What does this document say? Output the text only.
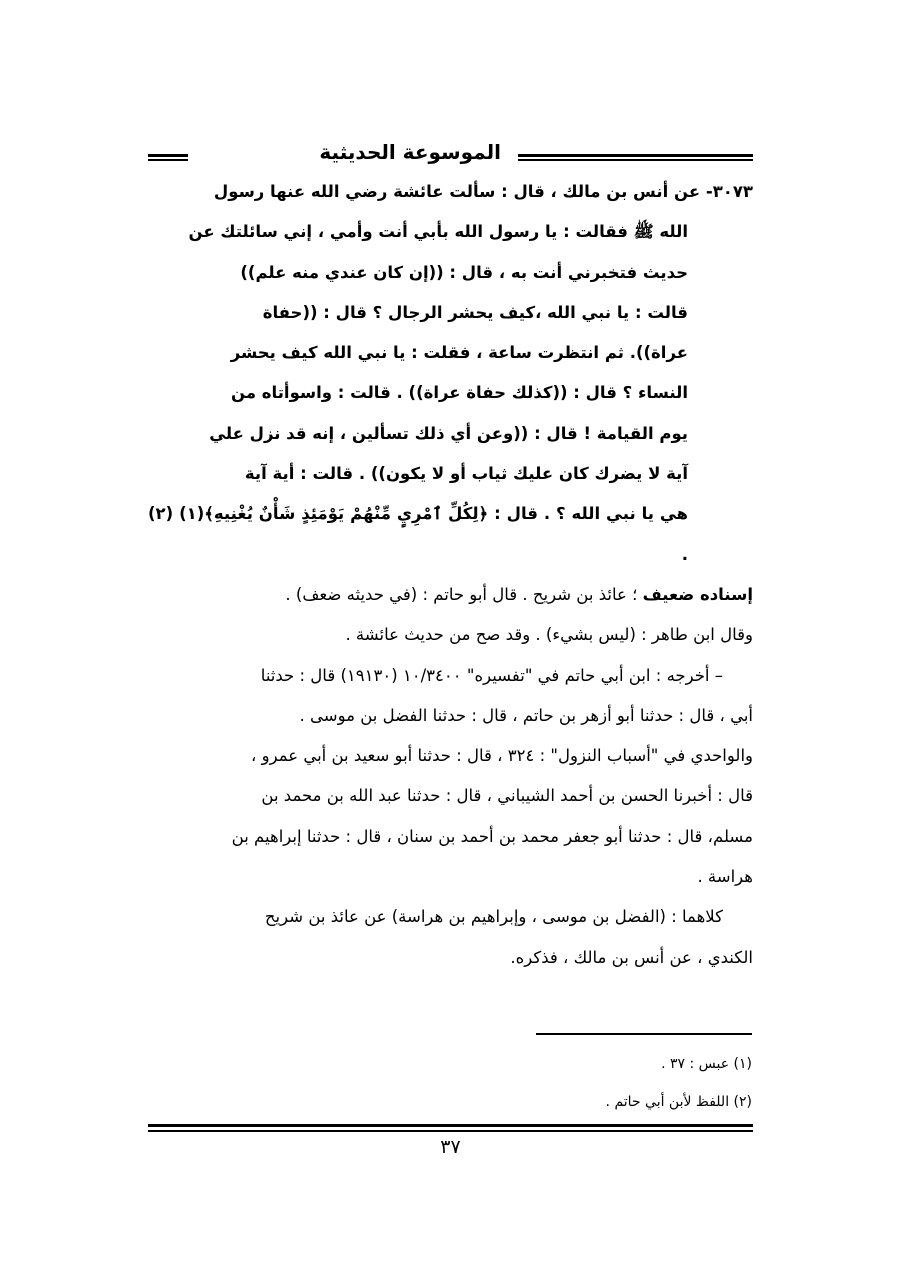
الموسوعة الحديثية

٣٠٧٣- عن أنس بن مالك ، قال : سألت عائشة رضي الله عنها رسول

الله ﷺ فقالت : يا رسول الله بأبي أنت وأمي ، إني سائلتك عن

حديث فتخبرني أنت به ، قال : ((إن كان عندي منه علم))

قالت : يا نبي الله ،كيف يحشر الرجال ؟ قال : ((حفاة

عراة)). ثم انتظرت ساعة ، فقلت : يا نبي الله كيف يحشر

النساء ؟ قال : ((كذلك حفاة عراة)) . قالت : واسوأتاه من

يوم القيامة ! قال : ((وعن أي ذلك تسألين ، إنه قد نزل علي

آية لا يضرك كان عليك ثياب أو لا يكون)) . قالت : أية آية

هي يا نبي الله ؟ . قال : ﴿لِكُلِّ ٱمْرِيٍٕ مِّنْهُمْ يَوْمَئِذٍ شَأْنٌ يُغْنِيهِ﴾(١) (٢) .

إسناده ضعيف ؛ عائذ بن شريح . قال أبو حاتم : (في حديثه ضعف) .

وقال ابن طاهر : (ليس بشيء) . وقد صح من حديث عائشة .

– أخرجه : ابن أبي حاتم في "تفسيره" ١٠/٣٤٠٠ (١٩١٣٠) قال : حدثنا

أبي ، قال : حدثنا أبو أزهر بن حاتم ، قال : حدثنا الفضل بن موسى .

والواحدي في "أسباب النزول" : ٣٢٤ ، قال : حدثنا أبو سعيد بن أبي عمرو ،

قال : أخبرنا الحسن بن أحمد الشيباني ، قال : حدثنا عبد الله بن محمد بن

مسلم، قال : حدثنا أبو جعفر محمد بن أحمد بن سنان ، قال : حدثنا إبراهيم بن

هراسة .

كلاهما : (الفضل بن موسى ، وإبراهيم بن هراسة) عن عائذ بن شريح

الكندي ، عن أنس بن مالك ، فذكره.

(١) عبس : ٣٧ .

(٢) اللفظ لأبن أبي حاتم .

٣٧
